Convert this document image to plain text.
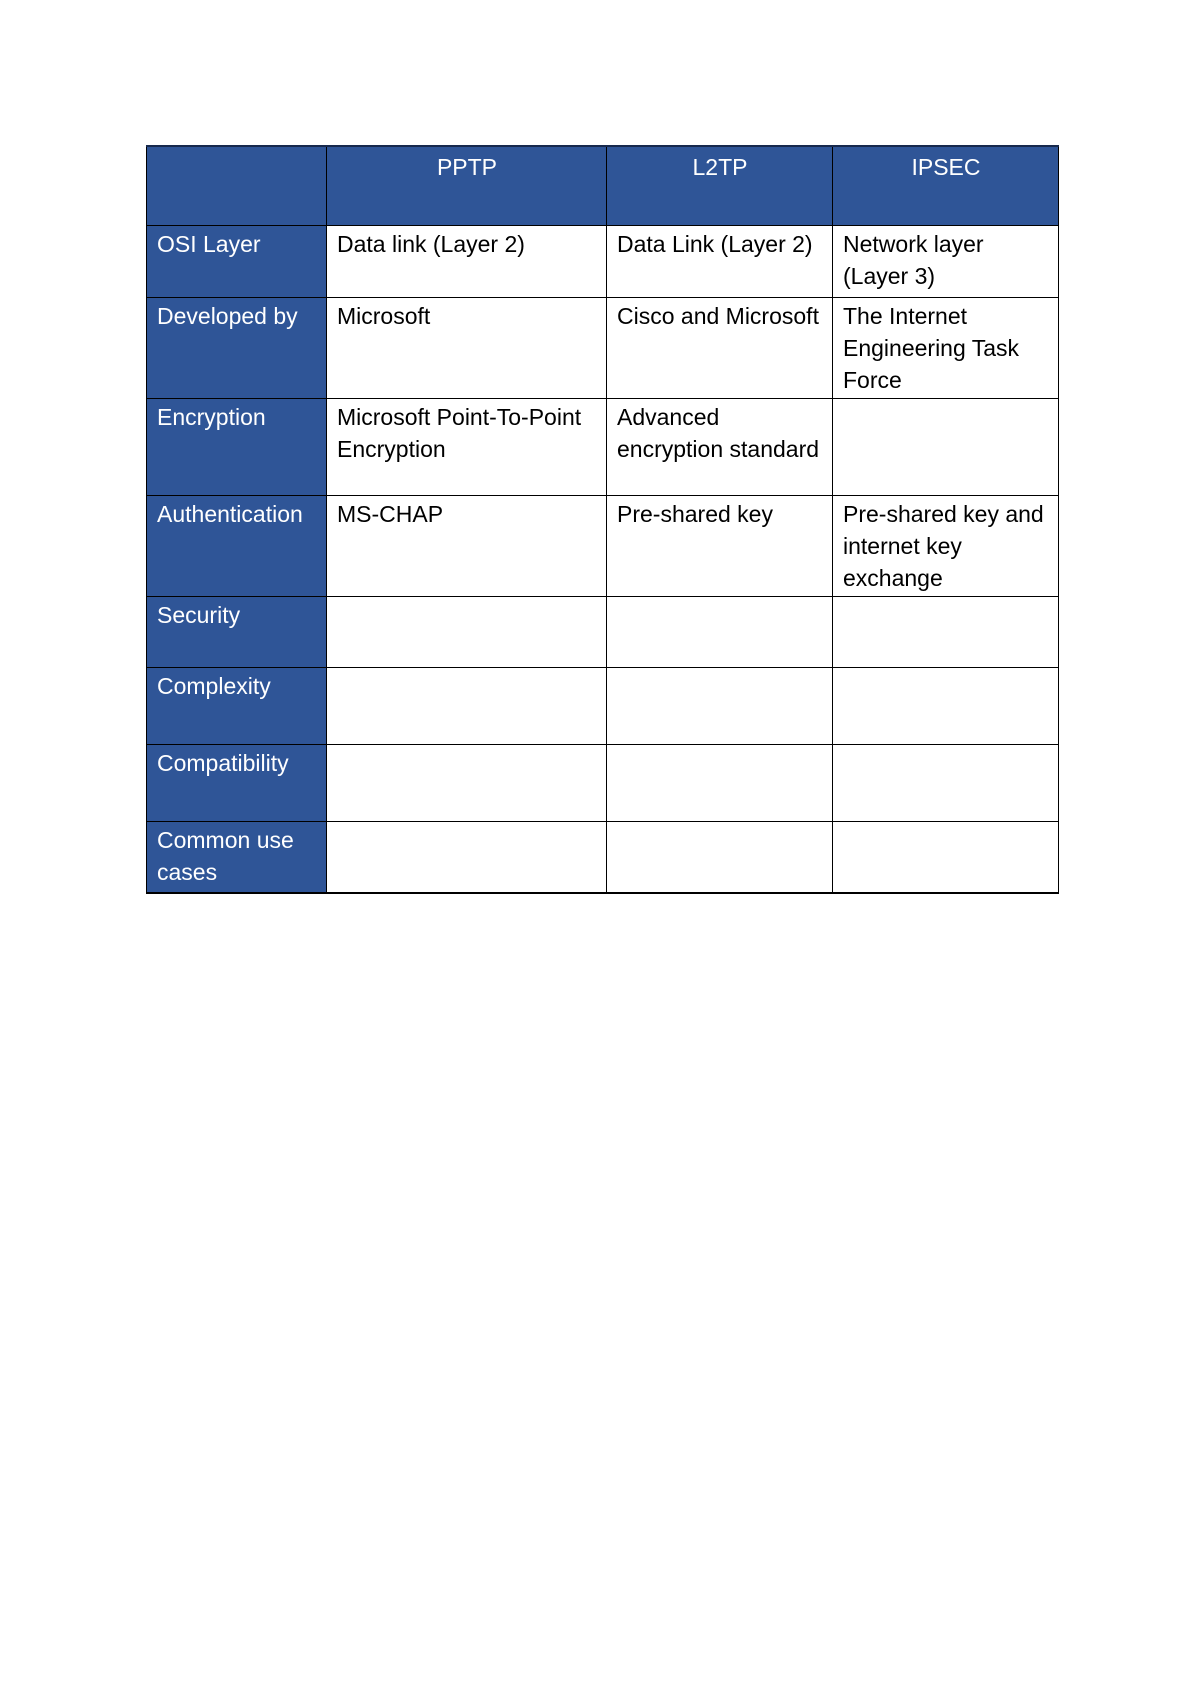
	PPTP	L2TP	IPSEC
OSI Layer	Data link (Layer 2)	Data Link (Layer 2)	Network layer (Layer 3)
Developed by	Microsoft	Cisco and Microsoft	The Internet Engineering Task Force
Encryption	Microsoft Point-To-Point Encryption	Advanced encryption standard	
Authentication	MS-CHAP	Pre-shared key	Pre-shared key and internet key exchange
Security			
Complexity			
Compatibility			
Common use cases			
